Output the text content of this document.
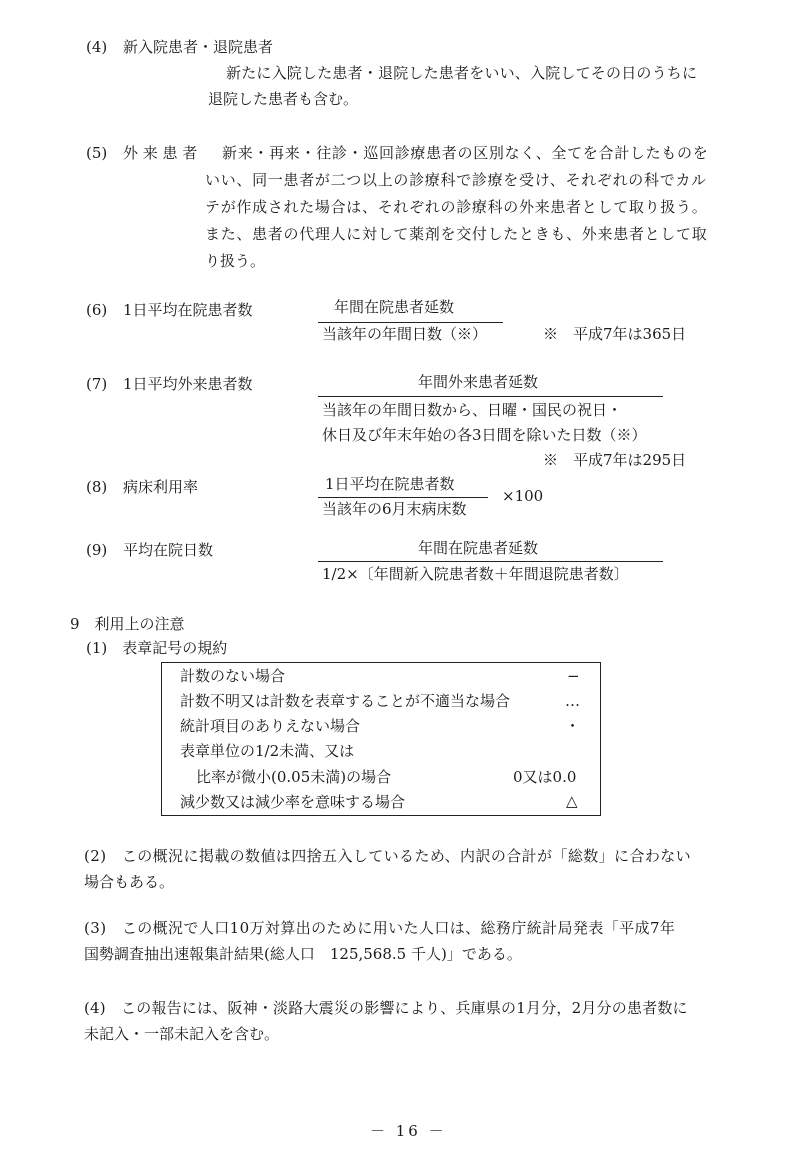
(4) 新入院患者・退院患者
新たに入院した患者・退院した患者をいい、入院してその日のうちに
退院した患者も含む。
(5) 外 来 患 者 新来・再来・往診・巡回診療患者の区別なく、全てを合計したものを
いい、同一患者が二つ以上の診療科で診療を受け、それぞれの科でカル
テが作成された場合は、それぞれの診療科の外来患者として取り扱う。
また、患者の代理人に対して薬剤を交付したときも、外来患者として取
り扱う。
(6) 1日平均在院患者数	年間在院患者延数
当該年の年間日数（※）	※　平成7年は365日
(7) 1日平均外来患者数	年間外来患者延数
当該年の年間日数から、日曜・国民の祝日・
休日及び年末年始の各3日間を除いた日数（※）
※　平成7年は295日
(8) 病床利用率	1日平均在院患者数
当該年の6月末病床数
×100
(9) 平均在院日数	年間在院患者延数
1/2×〔年間新入院患者数＋年間退院患者数〕
9　利用上の注意
(1)　表章記号の規約
計数のない場合	−
計数不明又は計数を表章することが不適当な場合	…
統計項目のありえない場合	・
表章単位の1/2未満、又は
比率が微小(0.05未満)の場合	0又は0.0
減少数又は減少率を意味する場合	△
(2)　この概況に掲載の数値は四捨五入しているため、内訳の合計が「総数」に合わない
場合もある。
(3)　この概況で人口10万対算出のために用いた人口は、総務庁統計局発表「平成7年
国勢調査抽出速報集計結果(総人口　125,568.5 千人)」である。
(4)　この報告には、阪神・淡路大震災の影響により、兵庫県の1月分，2月分の患者数に
未記入・一部未記入を含む。
－ 16 －
